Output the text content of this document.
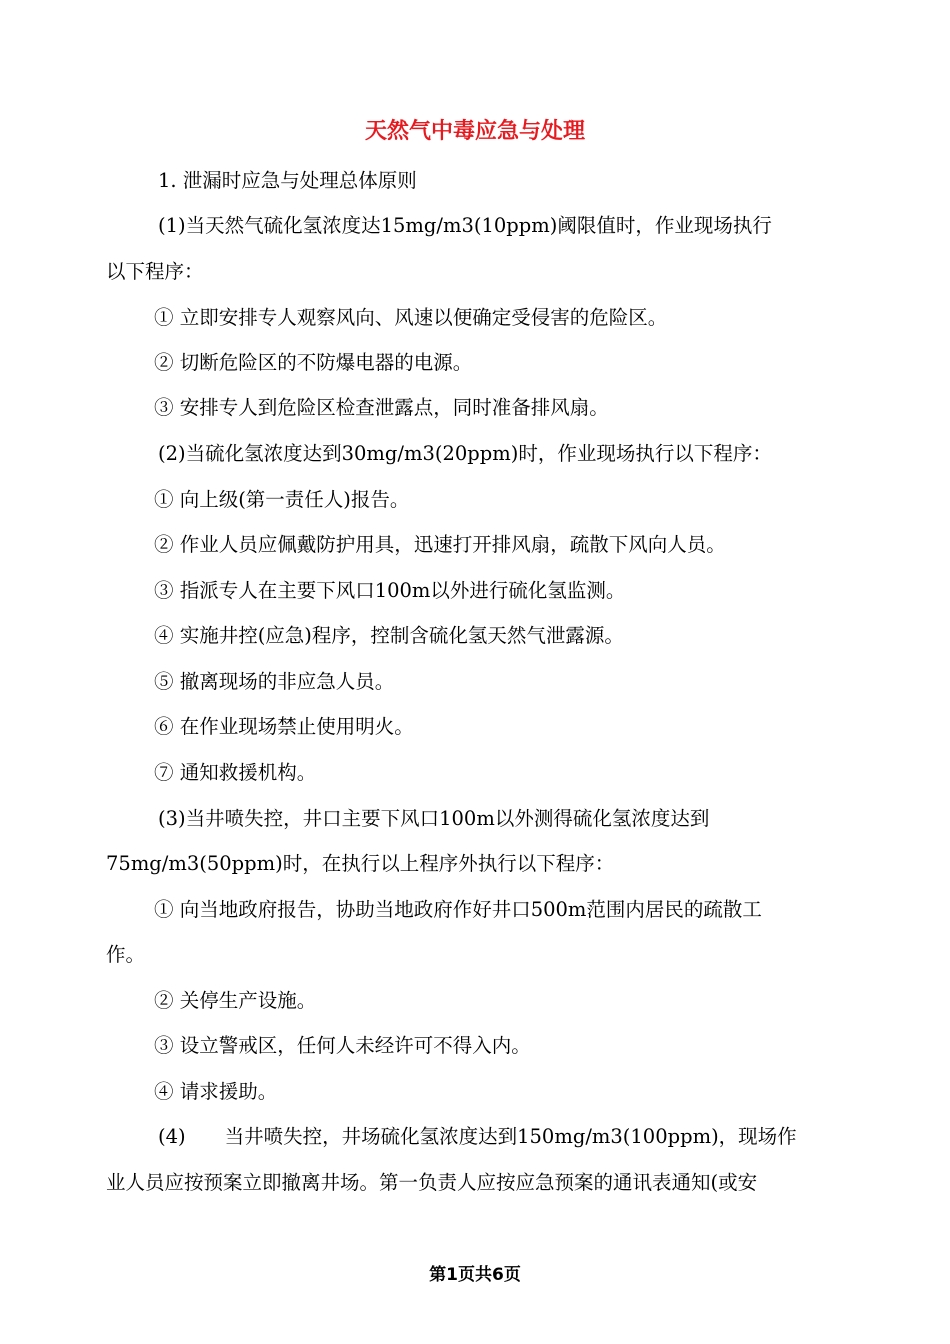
天然气中毒应急与处理

1. 泄漏时应急与处理总体原则

(1)当天然气硫化氢浓度达15mg/m3(10ppm)阈限值时，作业现场执行

以下程序：

① 立即安排专人观察风向、风速以便确定受侵害的危险区。

② 切断危险区的不防爆电器的电源。

③ 安排专人到危险区检查泄露点，同时准备排风扇。

(2)当硫化氢浓度达到30mg/m3(20ppm)时，作业现场执行以下程序：

① 向上级(第一责任人)报告。

② 作业人员应佩戴防护用具，迅速打开排风扇，疏散下风向人员。

③ 指派专人在主要下风口100m以外进行硫化氢监测。

④ 实施井控(应急)程序，控制含硫化氢天然气泄露源。

⑤ 撤离现场的非应急人员。

⑥ 在作业现场禁止使用明火。

⑦ 通知救援机构。

(3)当井喷失控，井口主要下风口100m以外测得硫化氢浓度达到

75mg/m3(50ppm)时，在执行以上程序外执行以下程序：

① 向当地政府报告，协助当地政府作好井口500m范围内居民的疏散工

作。

② 关停生产设施。

③ 设立警戒区，任何人未经许可不得入内。

④ 请求援助。

(4)　　当井喷失控，井场硫化氢浓度达到150mg/m3(100ppm)，现场作

业人员应按预案立即撤离井场。第一负责人应按应急预案的通讯表通知(或安

第1页共6页
